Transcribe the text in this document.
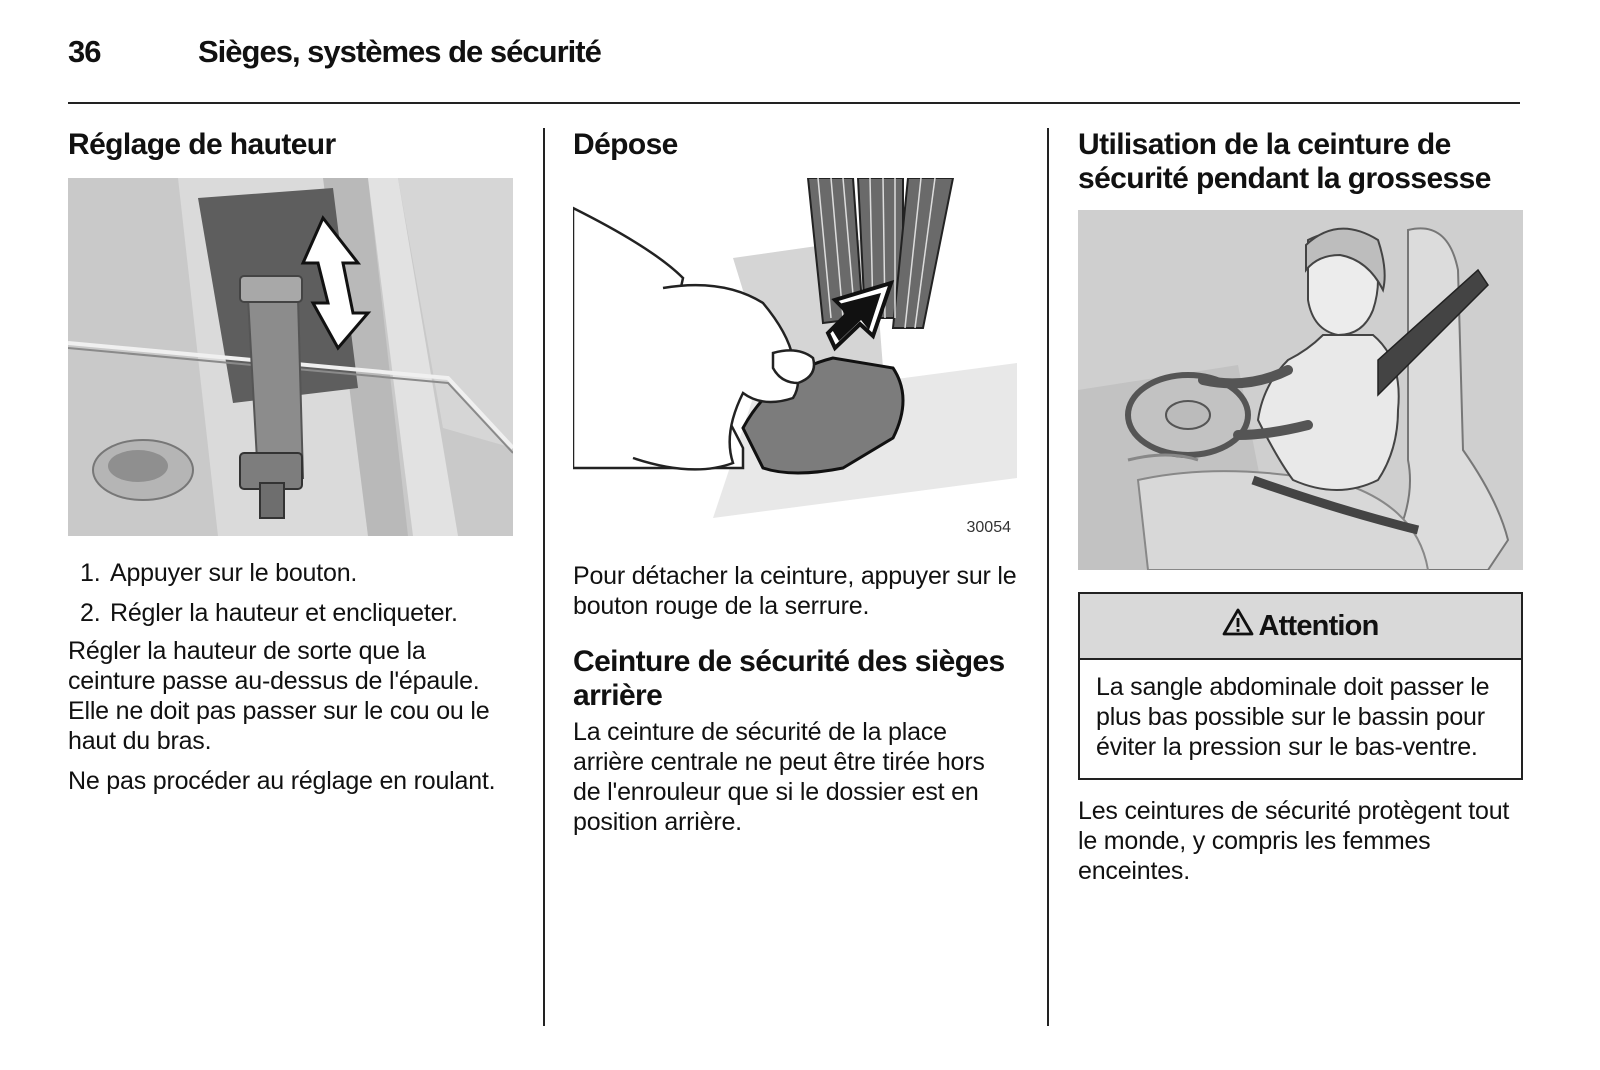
36	Sièges, systèmes de sécurité
Réglage de hauteur
1. Appuyer sur le bouton.
2. Régler la hauteur et encliqueter.

Régler la hauteur de sorte que la ceinture passe au-dessus de l'épaule. Elle ne doit pas passer sur le cou ou le haut du bras.

Ne pas procéder au réglage en roulant.

Dépose
30054

Pour détacher la ceinture, appuyer sur le bouton rouge de la serrure.

Ceinture de sécurité des sièges arrière

La ceinture de sécurité de la place arrière centrale ne peut être tirée hors de l'enrouleur que si le dossier est en position arrière.

Utilisation de la ceinture de sécurité pendant la grossesse
Attention

La sangle abdominale doit passer le plus bas possible sur le bassin pour éviter la pression sur le bas-ventre.

Les ceintures de sécurité protègent tout le monde, y compris les femmes enceintes.
